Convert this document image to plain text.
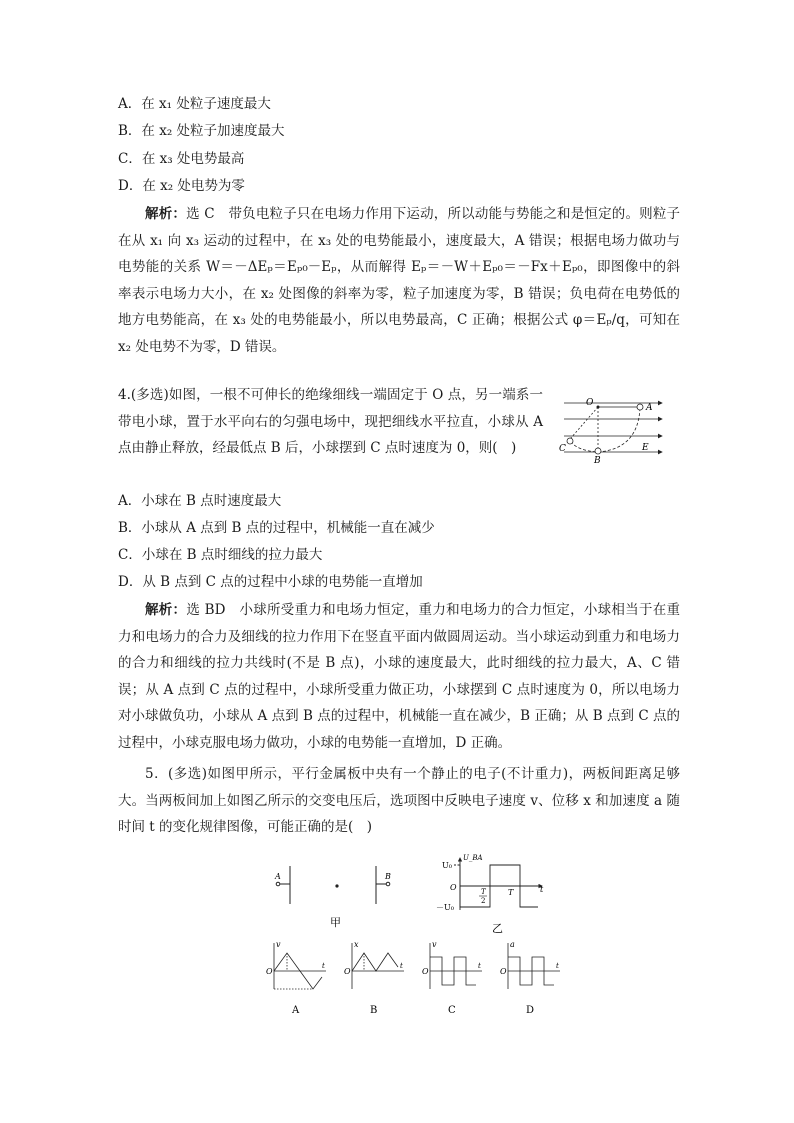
A．在 x₁ 处粒子速度最大
B．在 x₂ 处粒子加速度最大
C．在 x₃ 处电势最高
D．在 x₂ 处电势为零
解析：选 C　 带负电粒子只在电场力作用下运动，所以动能与势能之和是恒定的。则粒子在从 x₁ 向 x₃ 运动的过程中，在 x₃ 处的电势能最小，速度最大，A 错误；根据电场力做功与电势能的关系 W＝－ΔEₚ＝Eₚ₀－Eₚ，从而解得 Eₚ＝－W＋Eₚ₀＝－Fx＋Eₚ₀，即图像中的斜率表示电场力大小，在 x₂ 处图像的斜率为零，粒子加速度为零，B 错误；负电荷在电势低的地方电势能高，在 x₃ 处的电势能最小，所以电势最高，C 正确；根据公式 φ＝Eₚ/q，可知在 x₂ 处电势不为零，D 错误。
4.(多选)如图，一根不可伸长的绝缘细线一端固定于 O 点，另一端系一带电小球，置于水平向右的匀强电场中，现把细线水平拉直，小球从 A 点由静止释放，经最低点 B 后，小球摆到 C 点时速度为 0，则(　)
O	A
B
C	E
A．小球在 B 点时速度最大
B．小球从 A 点到 B 点的过程中，机械能一直在减少
C．小球在 B 点时细线的拉力最大
D．从 B 点到 C 点的过程中小球的电势能一直增加
解析：选 BD　 小球所受重力和电场力恒定，重力和电场力的合力恒定，小球相当于在重力和电场力的合力及细线的拉力作用下在竖直平面内做圆周运动。当小球运动到重力和电场力的合力和细线的拉力共线时(不是 B 点)，小球的速度最大，此时细线的拉力最大，A、C 错误；从 A 点到 C 点的过程中，小球所受重力做正功，小球摆到 C 点时速度为 0，所以电场力对小球做负功，小球从 A 点到 B 点的过程中，机械能一直在减少，B 正确；从 B 点到 C 点的过程中，小球克服电场力做功，小球的电势能一直增加，D 正确。
5．(多选)如图甲所示，平行金属板中央有一个静止的电子(不计重力)，两板间距离足够大。当两板间加上如图乙所示的交变电压后，选项图中反映电子速度 v、位移 x 和加速度 a 随时间 t 的变化规律图像，可能正确的是(　)
A	B
甲
U₀
－U₀
U_BA
O	T
2
T	t
乙
v
O
t
A
x
O
t
B
v
O
t
C
a
O
t
D
